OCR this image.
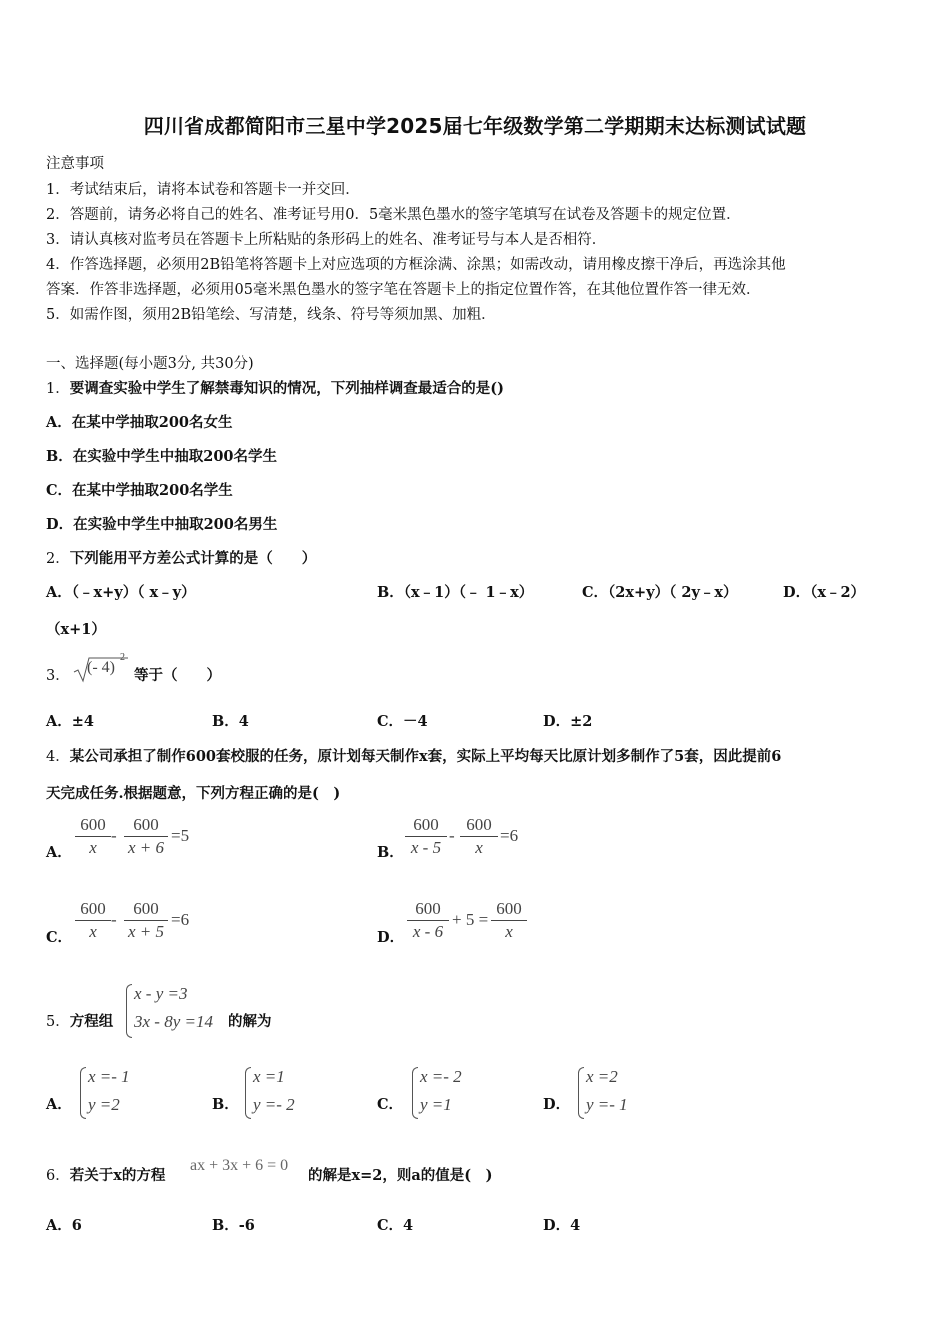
四川省成都简阳市三星中学2025届七年级数学第二学期期末达标测试试题
注意事项
1．考试结束后，请将本试卷和答题卡一并交回．
2．答题前，请务必将自己的姓名、准考证号用0．5毫米黑色墨水的签字笔填写在试卷及答题卡的规定位置．
3．请认真核对监考员在答题卡上所粘贴的条形码上的姓名、准考证号与本人是否相符．
4．作答选择题，必须用2B铅笔将答题卡上对应选项的方框涂满、涂黑；如需改动，请用橡皮擦干净后，再选涂其他
答案．作答非选择题，必须用05毫米黑色墨水的签字笔在答题卡上的指定位置作答，在其他位置作答一律无效．
5．如需作图，须用2B铅笔绘、写清楚，线条、符号等须加黑、加粗．
一、选择题(每小题3分, 共30分)
1．要调查实验中学生了解禁毒知识的情况，下列抽样调查最适合的是()
A．在某中学抽取200名女生
B．在实验中学生中抽取200名学生
C．在某中学抽取200名学生
D．在实验中学生中抽取200名男生
2．下列能用平方差公式计算的是（　　）
A．（﹣x+y）（ x﹣y）	B．（x﹣1）（﹣ 1﹣x）	C．（2x+y）（ 2y﹣x）	D．（x﹣2）
（x+1）
3． (- 4)
2
等于（　　）
A．±4	B．4	C．－4	D．±2
4．某公司承担了制作600套校服的任务，原计划每天制作x套，实际上平均每天比原计划多制作了5套，因此提前6
天完成任务.根据题意，下列方程正确的是(　)
A．
600
x
-
600
x + 6
=5
B．
600
x - 5
-
600
x
=6
C．
600
x
-
600
x + 5
=6
D．
600
x - 6
+ 5 =
600
x
5．方程组
x - y =3
3x - 8y =14 的解为
A．
x =- 1
y =2	B．
x =1
y =- 2	C．
x =- 2
y =1	D．
x =2
y =- 1
6．若关于x的方程
ax + 3x + 6 = 0
的解是x=2，则a的值是(　)
A．6	B．-6	C．4	D．4
